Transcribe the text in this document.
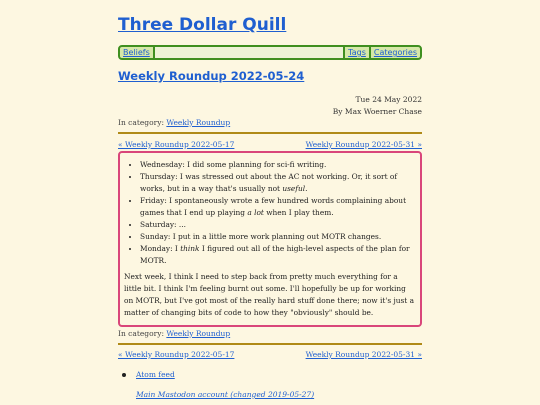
Three Dollar Quill
Beliefs	Tags	Categories
Weekly Roundup 2022-05-24
Tue 24 May 2022
By Max Woerner Chase
In category: Weekly Roundup
« Weekly Roundup 2022-05-17	Weekly Roundup 2022-05-31 »
• Wednesday: I did some planning for sci-fi writing.
• Thursday: I was stressed out about the AC not working. Or, it sort of works, but in a way that's usually not useful.
• Friday: I spontaneously wrote a few hundred words complaining about games that I end up playing a lot when I play them.
• Saturday: ...
• Sunday: I put in a little more work planning out MOTR changes.
• Monday: I think I figured out all of the high-level aspects of the plan for MOTR.

Next week, I think I need to step back from pretty much everything for a little bit. I think I'm feeling burnt out some. I'll hopefully be up for working on MOTR, but I've got most of the really hard stuff done there; now it's just a matter of changing bits of code to how they "obviously" should be.

In category: Weekly Roundup
« Weekly Roundup 2022-05-17	Weekly Roundup 2022-05-31 »
Atom feed
Main Mastodon account (changed 2019-05-27)
